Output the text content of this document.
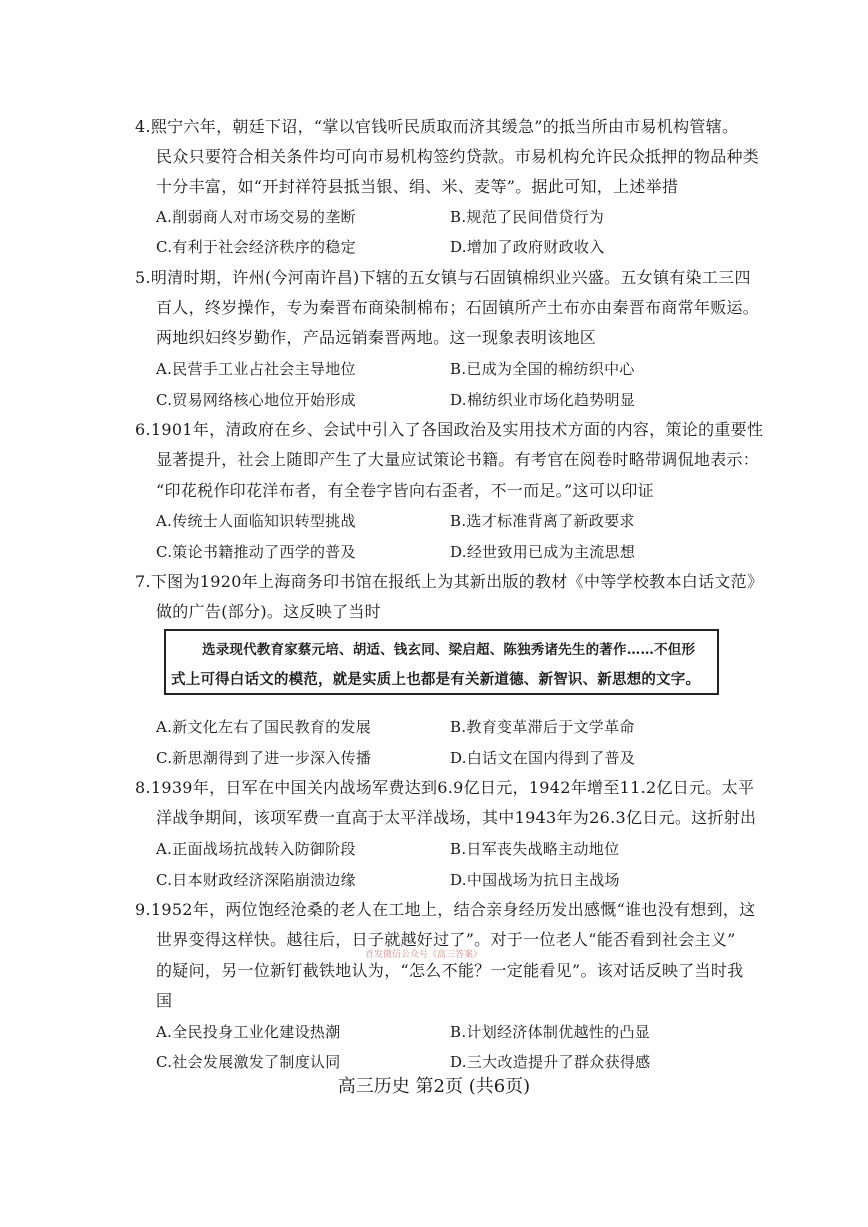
4.熙宁六年，朝廷下诏，“掌以官钱听民质取而济其缓急”的抵当所由市易机构管辖。
民众只要符合相关条件均可向市易机构签约贷款。市易机构允许民众抵押的物品种类
十分丰富，如“开封祥符县抵当银、绢、米、麦等”。据此可知，上述举措
A.削弱商人对市场交易的垄断	B.规范了民间借贷行为
C.有利于社会经济秩序的稳定	D.增加了政府财政收入
5.明清时期，许州(今河南许昌)下辖的五女镇与石固镇棉织业兴盛。五女镇有染工三四
百人，终岁操作，专为秦晋布商染制棉布；石固镇所产土布亦由秦晋布商常年贩运。
两地织妇终岁勤作，产品远销秦晋两地。这一现象表明该地区
A.民营手工业占社会主导地位	B.已成为全国的棉纺织中心
C.贸易网络核心地位开始形成	D.棉纺织业市场化趋势明显
6.1901年，清政府在乡、会试中引入了各国政治及实用技术方面的内容，策论的重要性
显著提升，社会上随即产生了大量应试策论书籍。有考官在阅卷时略带调侃地表示：
“印花税作印花洋布者，有全卷字皆向右歪者，不一而足。”这可以印证
A.传统士人面临知识转型挑战	B.选才标准背离了新政要求
C.策论书籍推动了西学的普及	D.经世致用已成为主流思想
7.下图为1920年上海商务印书馆在报纸上为其新出版的教材《中等学校教本白话文范》
做的广告(部分)。这反映了当时
选录现代教育家蔡元培、胡适、钱玄同、梁启超、陈独秀诸先生的著作……不但形
式上可得白话文的模范，就是实质上也都是有关新道德、新智识、新思想的文字。
A.新文化左右了国民教育的发展	B.教育变革滞后于文学革命
C.新思潮得到了进一步深入传播	D.白话文在国内得到了普及
8.1939年，日军在中国关内战场军费达到6.9亿日元，1942年增至11.2亿日元。太平
洋战争期间，该项军费一直高于太平洋战场，其中1943年为26.3亿日元。这折射出
A.正面战场抗战转入防御阶段	B.日军丧失战略主动地位
C.日本财政经济深陷崩溃边缘	D.中国战场为抗日主战场
9.1952年，两位饱经沧桑的老人在工地上，结合亲身经历发出感慨“谁也没有想到，这
世界变得这样快。越往后，日子就越好过了”。对于一位老人“能否看到社会主义”
的疑问，另一位新钉截铁地认为，“怎么不能？一定能看见”。该对话反映了当时我
国
A.全民投身工业化建设热潮	B.计划经济体制优越性的凸显
C.社会发展激发了制度认同	D.三大改造提升了群众获得感
首发微信公众号《高三答案》
高三历史 第2页 (共6页)
